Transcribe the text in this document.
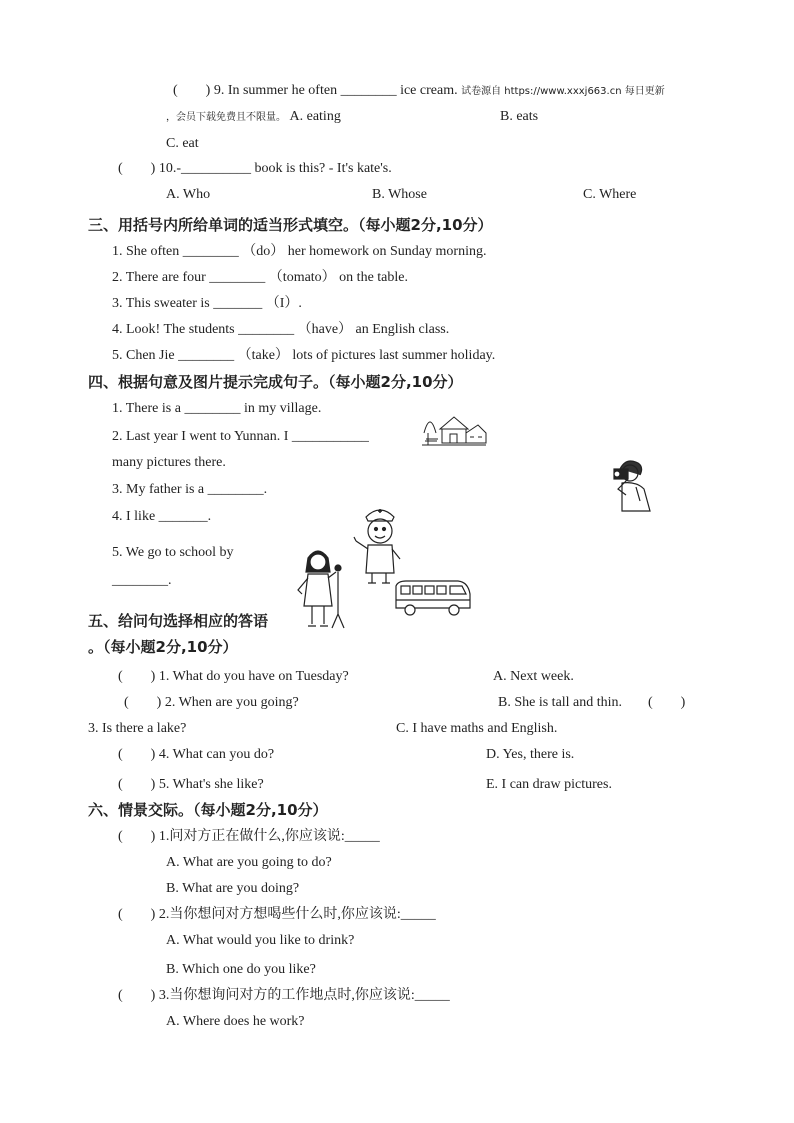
(　　) 9. In summer he often ________ ice cream. 试卷源自 https://www.xxxj663.cn 每日更新
，会员下载免费且不限量。 A. eating	B. eats
C. eat
(　　) 10.-__________ book is this? - It's kate's.
A. Who	B. Whose	C. Where
三、用括号内所给单词的适当形式填空。（每小题2分,10分）
1. She often ________ （do） her homework on Sunday morning.
2. There are four ________ （tomato） on the table.
3. This sweater is _______ （I）.
4. Look! The students ________ （have） an English class.
5. Chen Jie ________ （take） lots of pictures last summer holiday.
四、根据句意及图片提示完成句子。（每小题2分,10分）
1. There is a ________ in my village.
2. Last year I went to Yunnan. I ___________
many pictures there.
3. My father is a ________.
4. I like _______.
5. We go to school by
________.
五、给问句选择相应的答语
。（每小题2分,10分）
(　　) 1. What do you have on Tuesday?	A. Next week.
(　　) 2. When are you going?	B. She is tall and thin. (　　)
3. Is there a lake?	C. I have maths and English.
(　　) 4. What can you do?	D. Yes, there is.
(　　) 5. What's she like?	E. I can draw pictures.
六、情景交际。（每小题2分,10分）
(　　) 1.问对方正在做什么,你应该说:_____
A. What are you going to do?
B. What are you doing?
(　　) 2.当你想问对方想喝些什么时,你应该说:_____
A. What would you like to drink?
B. Which one do you like?
(　　) 3.当你想询问对方的工作地点时,你应该说:_____
A. Where does he work?
